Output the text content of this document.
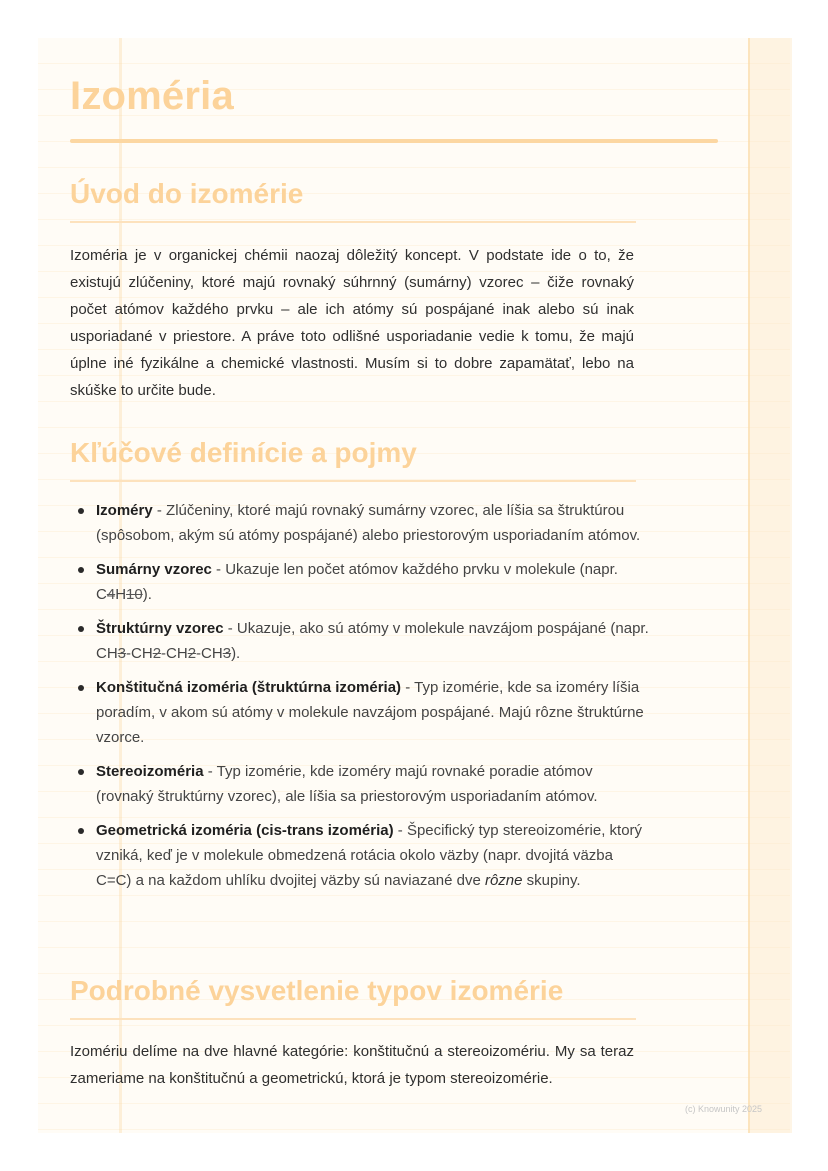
Izoméria
Úvod do izomérie

Izoméria je v organickej chémii naozaj dôležitý koncept. V podstate ide o to, že existujú zlúčeniny, ktoré majú rovnaký súhrnný (sumárny) vzorec – čiže rovnaký počet atómov každého prvku – ale ich atómy sú pospájané inak alebo sú inak usporiadané v priestore. A práve toto odlišné usporiadanie vedie k tomu, že majú úplne iné fyzikálne a chemické vlastnosti. Musím si to dobre zapamätať, lebo na skúške to určite bude.

Kľúčové definície a pojmy
Izoméry - Zlúčeniny, ktoré majú rovnaký sumárny vzorec, ale líšia sa štruktúrou (spôsobom, akým sú atómy pospájané) alebo priestorovým usporiadaním atómov.
Sumárny vzorec - Ukazuje len počet atómov každého prvku v molekule (napr. C4H10).
Štruktúrny vzorec - Ukazuje, ako sú atómy v molekule navzájom pospájané (napr. CH3-CH2-CH2-CH3).
Konštitučná izoméria (štruktúrna izoméria) - Typ izomérie, kde sa izoméry líšia poradím, v akom sú atómy v molekule navzájom pospájané. Majú rôzne štruktúrne vzorce.
Stereoizoméria - Typ izomérie, kde izoméry majú rovnaké poradie atómov (rovnaký štruktúrny vzorec), ale líšia sa priestorovým usporiadaním atómov.
Geometrická izoméria (cis-trans izoméria) - Špecifický typ stereoizomérie, ktorý vzniká, keď je v molekule obmedzená rotácia okolo väzby (napr. dvojitá väzba C=C) a na každom uhlíku dvojitej väzby sú naviazané dve rôzne skupiny.
Podrobné vysvetlenie typov izomérie

Izomériu delíme na dve hlavné kategórie: konštitučnú a stereoizomériu. My sa teraz zameriame na konštitučnú a geometrickú, ktorá je typom stereoizomérie.

(c) Knowunity 2025
